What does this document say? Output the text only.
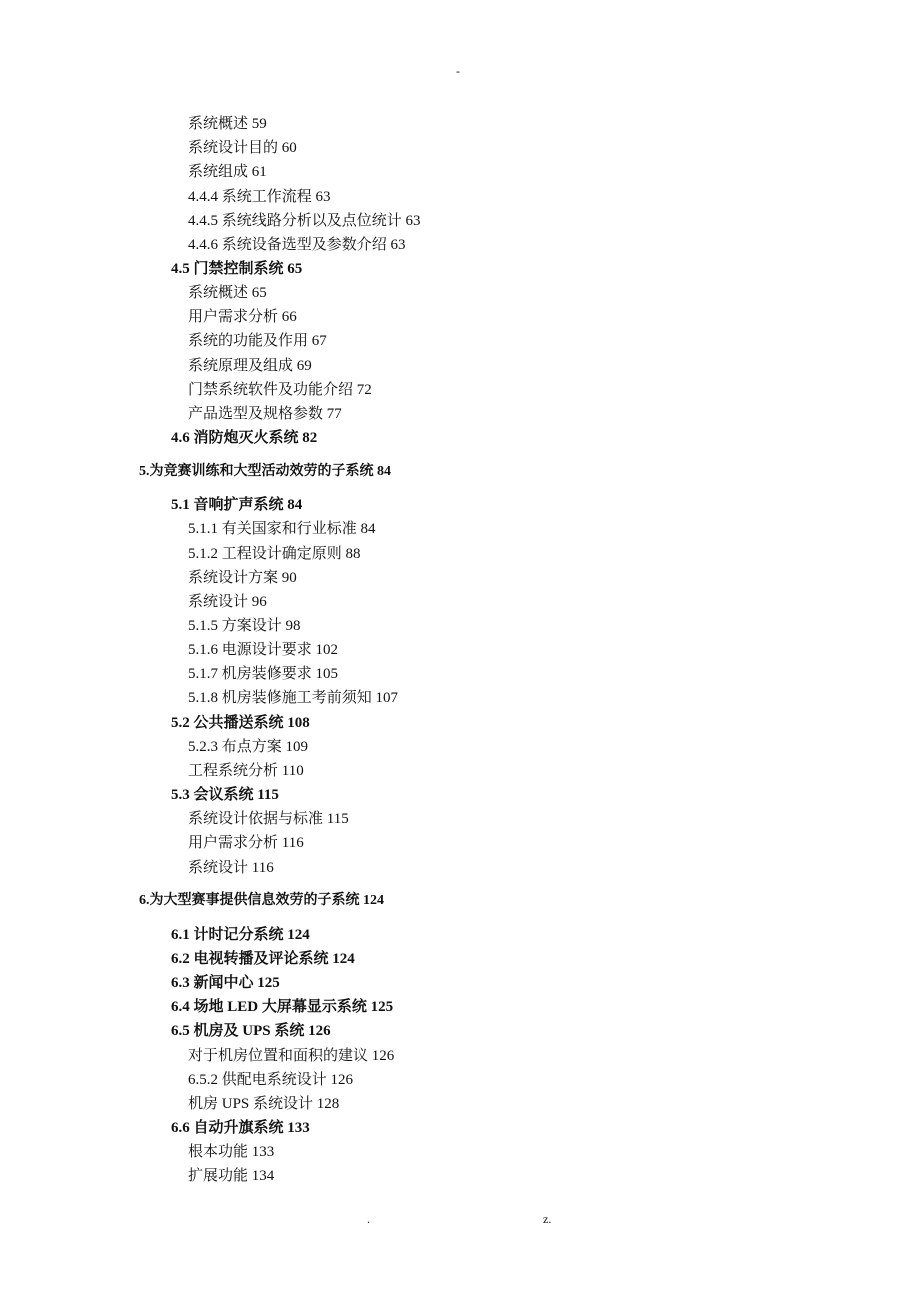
-
系统概述 59
系统设计目的 60
系统组成 61
4.4.4 系统工作流程 63
4.4.5 系统线路分析以及点位统计 63
4.4.6 系统设备选型及参数介绍 63
4.5 门禁控制系统 65
系统概述 65
用户需求分析 66
系统的功能及作用 67
系统原理及组成 69
门禁系统软件及功能介绍 72
产品选型及规格参数 77
4.6 消防炮灭火系统 82
5.为竞赛训练和大型活动效劳的子系统 84
5.1 音响扩声系统 84
5.1.1 有关国家和行业标准 84
5.1.2 工程设计确定原则 88
系统设计方案 90
系统设计 96
5.1.5 方案设计 98
5.1.6 电源设计要求 102
5.1.7 机房装修要求 105
5.1.8 机房装修施工考前须知 107
5.2 公共播送系统 108
5.2.3 布点方案 109
工程系统分析 110
5.3 会议系统 115
系统设计依据与标准 115
用户需求分析 116
系统设计 116
6.为大型赛事提供信息效劳的子系统 124
6.1 计时记分系统 124
6.2 电视转播及评论系统 124
6.3 新闻中心 125
6.4 场地 LED 大屏幕显示系统 125
6.5 机房及 UPS 系统 126
对于机房位置和面积的建议 126
6.5.2 供配电系统设计 126
机房 UPS 系统设计 128
6.6 自动升旗系统 133
根本功能 133
扩展功能 134
.	z.
